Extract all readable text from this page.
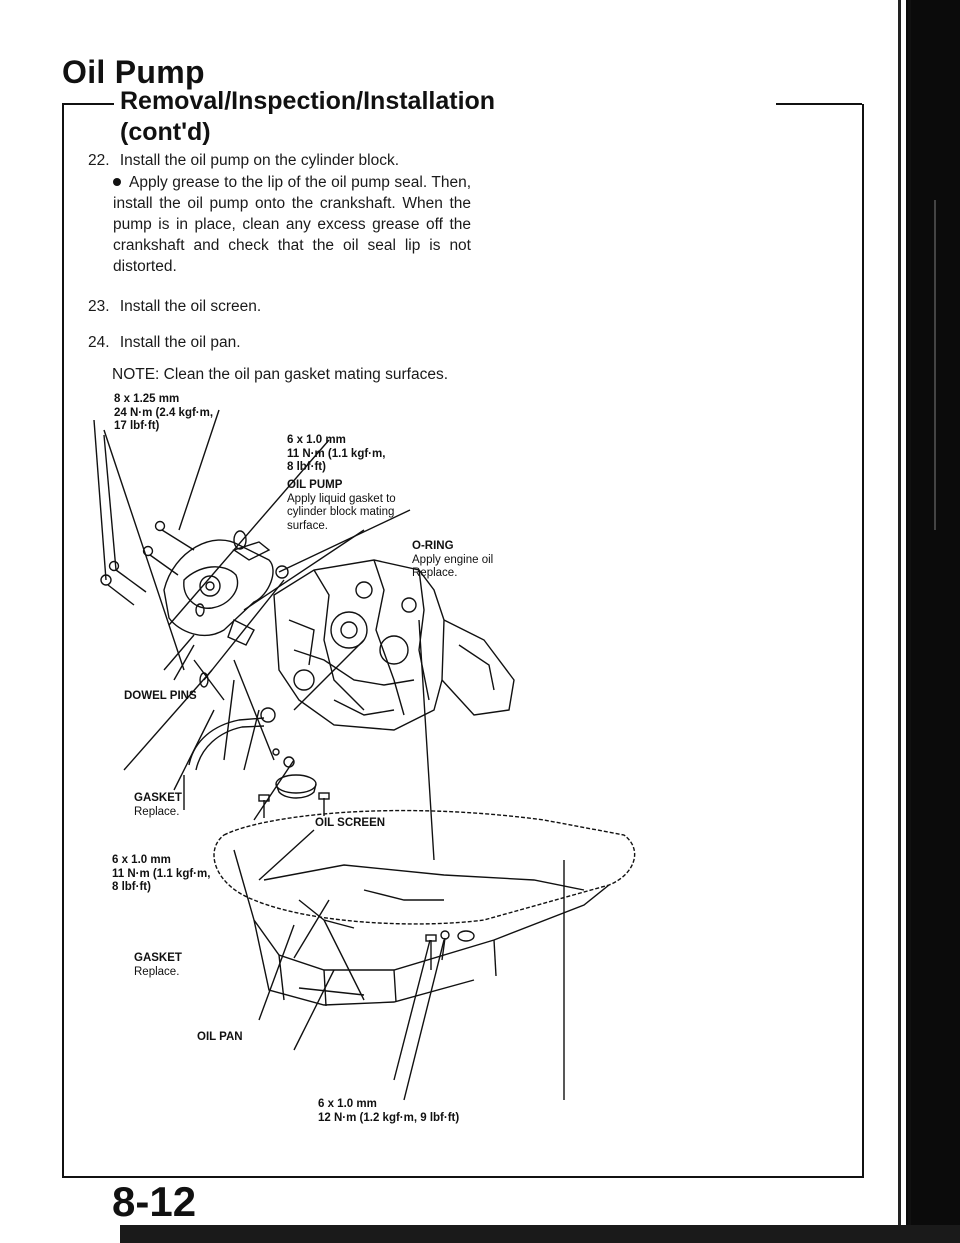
Oil Pump
Removal/Inspection/Installation
(cont'd)
22. Install the oil pump on the cylinder block.
Apply grease to the lip of the oil pump seal. Then, install the oil pump onto the crankshaft. When the pump is in place, clean any excess grease off the crankshaft and check that the oil seal lip is not distorted.
23. Install the oil screen.
24. Install the oil pan.
NOTE: Clean the oil pan gasket mating surfaces.
8 x 1.25 mm
24 N·m (2.4 kgf·m,
17 lbf·ft)
6 x 1.0 mm
11 N·m (1.1 kgf·m,
8 lbf·ft)
OIL PUMP
Apply liquid gasket to
cylinder block mating
surface.
O-RING
Apply engine oil
Replace.
DOWEL PINS
GASKET
Replace.
OIL SCREEN
6 x 1.0 mm
11 N·m (1.1 kgf·m,
8 lbf·ft)
GASKET
Replace.
OIL PAN
6 x 1.0 mm
12 N·m (1.2 kgf·m, 9 lbf·ft)
8-12
